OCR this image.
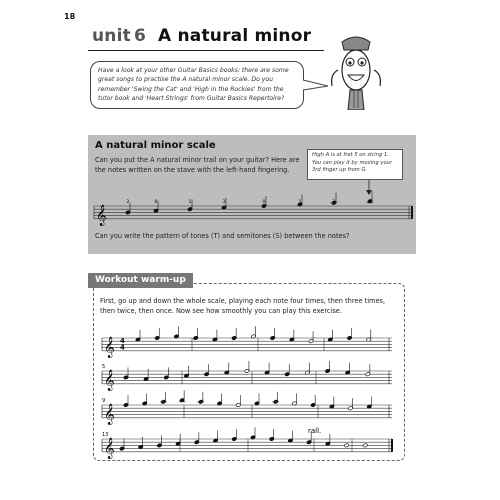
18
unit 6 A natural minor
Have a look at your other Guitar Basics books: there are some great songs to practise the A natural minor scale. Do you remember 'Swing the Cat' and 'High in the Rockies' from the tutor book and 'Heart Strings' from Guitar Basics Repertoire?
A natural minor scale
Can you put the A natural minor trail on your guitar? Here are the notes written on the stave with the left-hand fingering.
High A is at fret 5 on string 1. You can play it by moving your 3rd finger up from G.
𝄞
2	0	1	3	0	1	3	3
Can you write the pattern of tones (T) and semitones (S) between the notes?
Workout warm-up
First, go up and down the whole scale, playing each note four times, then three times, then twice, then once. Now see how smoothly you can play this exercise.
𝄞 4
4
𝄞
5
𝄞
9
𝄞
13	rall.
